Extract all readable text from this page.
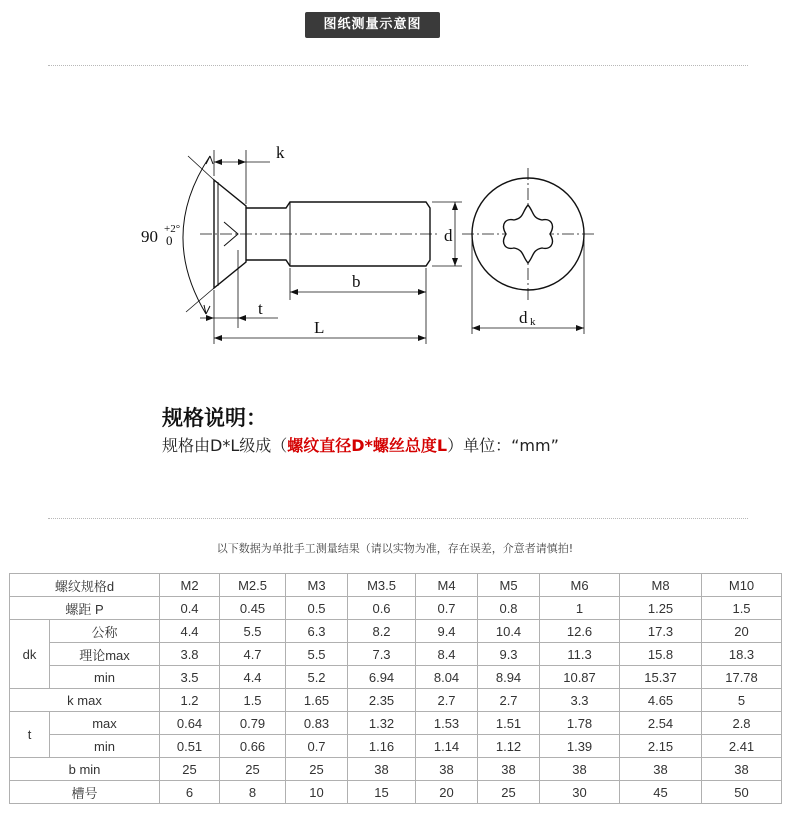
图纸测量示意图
k
90 +2°
0	d
b
t
L
d k
规格说明：
规格由D*L级成（螺纹直径D*螺丝总度L）单位：“mm”
以下数据为单批手工测量结果（请以实物为准，存在误差，介意者请慎拍!
螺纹规格d		M2	M2.5	M3	M3.5	M4	M5	M6	M8	M10
螺距 P		0.4	0.45	0.5	0.6	0.7	0.8	1	1.25	1.5
dk	公称	4.4	5.5	6.3	8.2	9.4	10.4	12.6	17.3	20
	理论max	3.8	4.7	5.5	7.3	8.4	9.3	11.3	15.8	18.3
	min	3.5	4.4	5.2	6.94	8.04	8.94	10.87	15.37	17.78
k max		1.2	1.5	1.65	2.35	2.7	2.7	3.3	4.65	5
t	max	0.64	0.79	0.83	1.32	1.53	1.51	1.78	2.54	2.8
	min	0.51	0.66	0.7	1.16	1.14	1.12	1.39	2.15	2.41
b min		25	25	25	38	38	38	38	38	38
槽号		6	8	10	15	20	25	30	45	50
